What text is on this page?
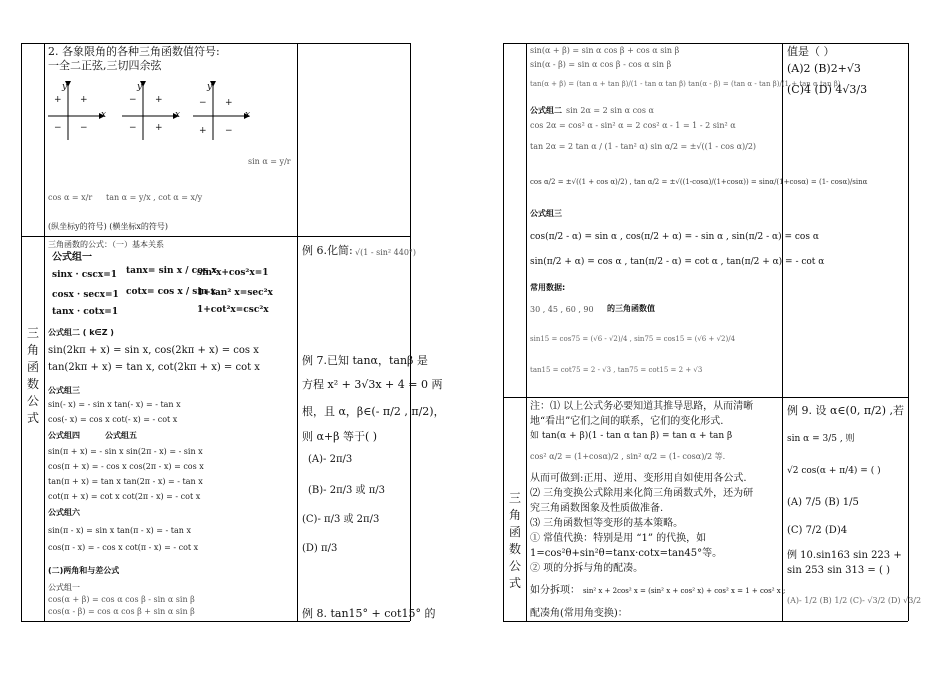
2. 各象限角的各种三角函数值符号:
一全二正弦,三切四余弦
y
x
+ +
− −
y
x
− +
− +
y
x
− +
+ −
sin α = y/r
cos α = x/r tan α = y/x , cot α = x/y
(纵坐标y的符号) (横坐标x的符号)
三角函数公式
三角函数的公式：（一）基本关系
公式组一
sinx · cscx=1 tanx= sin x / cos x
sin²x+cos²x=1
cosx · secx=1 cotx= cos x / sin x
1+tan² x=sec²x
tanx · cotx=1	1+cot²x=csc²x
公式组二 ( k∈Z )
sin(2kπ + x) = sin x, cos(2kπ + x) = cos x
tan(2kπ + x) = tan x, cot(2kπ + x) = cot x
公式组三
sin(- x) = - sin x tan(- x) = - tan x
cos(- x) = cos x cot(- x) = - cot x
公式组四	公式组五
sin(π + x) = - sin x sin(2π - x) = - sin x
cos(π + x) = - cos x cos(2π - x) = cos x
tan(π + x) = tan x tan(2π - x) = - tan x
cot(π + x) = cot x cot(2π - x) = - cot x
公式组六
sin(π - x) = sin x tan(π - x) = - tan x
cos(π - x) = - cos x cot(π - x) = - cot x
(二)两角和与差公式
公式组一
cos(α + β) = cos α cos β - sin α sin β
cos(α - β) = cos α cos β + sin α sin β
例 6.化简: √(1 - sin² 440°)
例 7.已知 tanα，tanβ 是
方程 x² + 3√3x + 4 = 0 两
根，且 α，β∈(- π/2 , π/2)，
则 α+β 等于( )
(A)- 2π/3
(B)- 2π/3 或 π/3
(C)- π/3 或 2π/3
(D) π/3
例 8. tan15° + cot15° 的
sin(α + β) = sin α cos β + cos α sin β
sin(α - β) = sin α cos β - cos α sin β
tan(α + β) = (tan α + tan β)/(1 - tan α tan β) tan(α - β) = (tan α - tan β)/(1 + tan α tan β)
公式组二 sin 2α = 2 sin α cos α
cos 2α = cos² α - sin² α = 2 cos² α - 1 = 1 - 2 sin² α
tan 2α = 2 tan α / (1 - tan² α) sin α/2 = ±√((1 - cos α)/2)
cos α/2 = ±√((1 + cos α)/2) , tan α/2 = ±√((1-cosα)/(1+cosα)) = sinα/(1+cosα) = (1- cosα)/sinα
公式组三
cos(π/2 - α) = sin α , cos(π/2 + α) = - sin α , sin(π/2 - α) = cos α
sin(π/2 + α) = cos α , tan(π/2 - α) = cot α , tan(π/2 + α) = - cot α
常用数据:
30 , 45 , 60 , 90 的三角函数值
sin15 = cos75 = (√6 - √2)/4 , sin75 = cos15 = (√6 + √2)/4
tan15 = cot75 = 2 - √3 , tan75 = cot15 = 2 + √3
值是（ ）
(A)2 (B)2+√3
(C)4 (D) 4√3/3
三角函数公式
注：⑴ 以上公式务必要知道其推导思路，从而清晰
地“看出”它们之间的联系，它们的变化形式.
如 tan(α + β)(1 - tan α tan β) = tan α + tan β
cos² α/2 = (1+cosα)/2 , sin² α/2 = (1- cosα)/2 等.
从而可做到:正用、逆用、变形用自如使用各公式.
⑵ 三角变换公式除用来化简三角函数式外，还为研
究三角函数图象及性质做准备.
⑶ 三角函数恒等变形的基本策略。
① 常值代换：特别是用 “1” 的代换，如
1=cos²θ+sin²θ=tanx·cotx=tan45°等。
② 项的分拆与角的配凑。
如分拆项： sin² x + 2cos² x = (sin² x + cos² x) + cos² x = 1 + cos² x ;
配凑角(常用角变换)：
例 9. 设 α∈(0, π/2) ,若
sin α = 3/5 , 则
√2 cos(α + π/4) = ( )
(A) 7/5 (B) 1/5
(C) 7/2 (D)4
例 10.sin163 sin 223 +
sin 253 sin 313 = ( )
(A)- 1/2 (B) 1/2 (C)- √3/2 (D) √3/2
